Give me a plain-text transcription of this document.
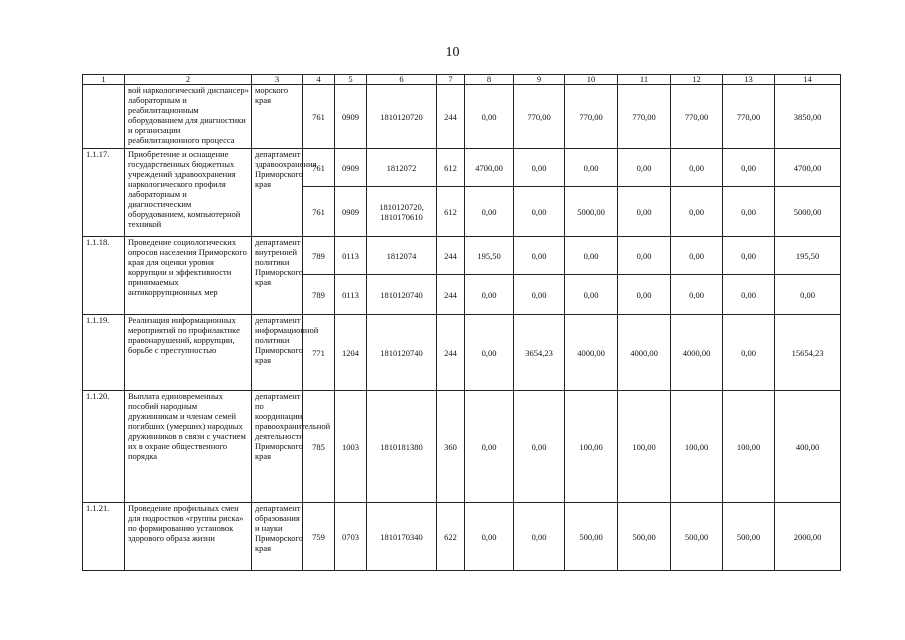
10
1	2	3	4	5	6	7	8	9	10	11	12	13	14
	вой наркологический диспансер» лабораторным и реабилитационным оборудованием для диагностики и организации реабилитационного процесса	морского края	761	0909	1810120720	244	0,00	770,00	770,00	770,00	770,00	770,00	3850,00
1.1.17.	Приобретение и оснащение государственных бюджетных учреждений здравоохранения наркологического профиля лабораторным и диагностическим оборудованием, компьютерной техникой	департамент здравоохранения Приморского края	761	0909	1812072	612	4700,00	0,00	0,00	0,00	0,00	0,00	4700,00
			761	0909	1810120720, 1810170610	612	0,00	0,00	5000,00	0,00	0,00	0,00	5000,00
1.1.18.	Проведение социологических опросов населения Приморского края для оценки уровня коррупции и эффективности принимаемых антикоррупционных мер	департамент внутренней политики Приморского края	789	0113	1812074	244	195,50	0,00	0,00	0,00	0,00	0,00	195,50
			789	0113	1810120740	244	0,00	0,00	0,00	0,00	0,00	0,00	0,00
1.1.19.	Реализация информационных мероприятий по профилактике правонарушений, коррупции, борьбе с преступностью	департамент информационной политики Приморского края	771	1204	1810120740	244	0,00	3654,23	4000,00	4000,00	4000,00	0,00	15654,23
1.1.20.	Выплата единовременных пособий народным дружинникам и членам семей погибших (умерших) народных дружинников в связи с участием их в охране общественного порядка	департамент по координации правоохранительной деятельности Приморского края	785	1003	1810181380	360	0,00	0,00	100,00	100,00	100,00	100,00	400,00
1.1.21.	Проведение профильных смен для подростков «группы риска» по формированию установок здорового образа жизни	департамент образования и науки Приморского края	759	0703	1810170340	622	0,00	0,00	500,00	500,00	500,00	500,00	2000,00
